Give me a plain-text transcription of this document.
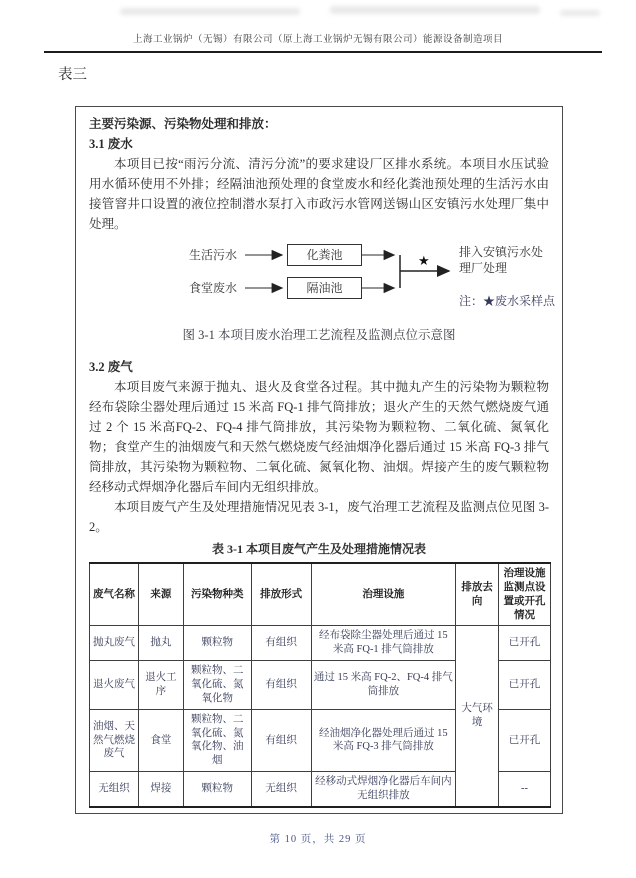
上海工业锅炉（无锡）有限公司（原上海工业锅炉无锡有限公司）能源设备制造项目
表三
主要污染源、污染物处理和排放：
3.1 废水
本项目已按“雨污分流、清污分流”的要求建设厂区排水系统。本项目水压试验用水循环使用不外排；经隔油池预处理的食堂废水和经化粪池预处理的生活污水由接管窨井口设置的液位控制潜水泵打入市政污水管网送锡山区安镇污水处理厂集中处理。
生活污水
食堂废水
化粪池
隔油池
★
排入安镇污水处
理厂处理
注：★废水采样点
图 3-1 本项目废水治理工艺流程及监测点位示意图
3.2 废气
本项目废气来源于抛丸、退火及食堂各过程。其中抛丸产生的污染物为颗粒物经布袋除尘器处理后通过 15 米高 FQ-1 排气筒排放；退火产生的天然气燃烧废气通过 2 个 15 米高FQ-2、FQ-4 排气筒排放，其污染物为颗粒物、二氧化硫、氮氧化物；食堂产生的油烟废气和天然气燃烧废气经油烟净化器后通过 15 米高 FQ-3 排气筒排放，其污染物为颗粒物、二氧化硫、氮氧化物、油烟。焊接产生的废气颗粒物经移动式焊烟净化器后车间内无组织排放。
本项目废气产生及处理措施情况见表 3-1，废气治理工艺流程及监测点位见图 3-2。
表 3-1 本项目废气产生及处理措施情况表
废气名称	来源	污染物种类	排放形式	治理设施	排放去向	治理设施监测点设置或开孔情况
抛丸废气	抛丸	颗粒物	有组织	经布袋除尘器处理后通过 15 米高 FQ-1 排气筒排放	大气环境	已开孔
退火废气	退火工序	颗粒物、二氧化硫、氮氧化物	有组织	通过 15 米高 FQ-2、FQ-4 排气筒排放		已开孔
油烟、天然气燃烧废气	食堂	颗粒物、二氧化硫、氮氧化物、油烟	有组织	经油烟净化器处理后通过 15 米高 FQ-3 排气筒排放		已开孔
无组织	焊接	颗粒物	无组织	经移动式焊烟净化器后车间内无组织排放		--
第 10 页，共 29 页
